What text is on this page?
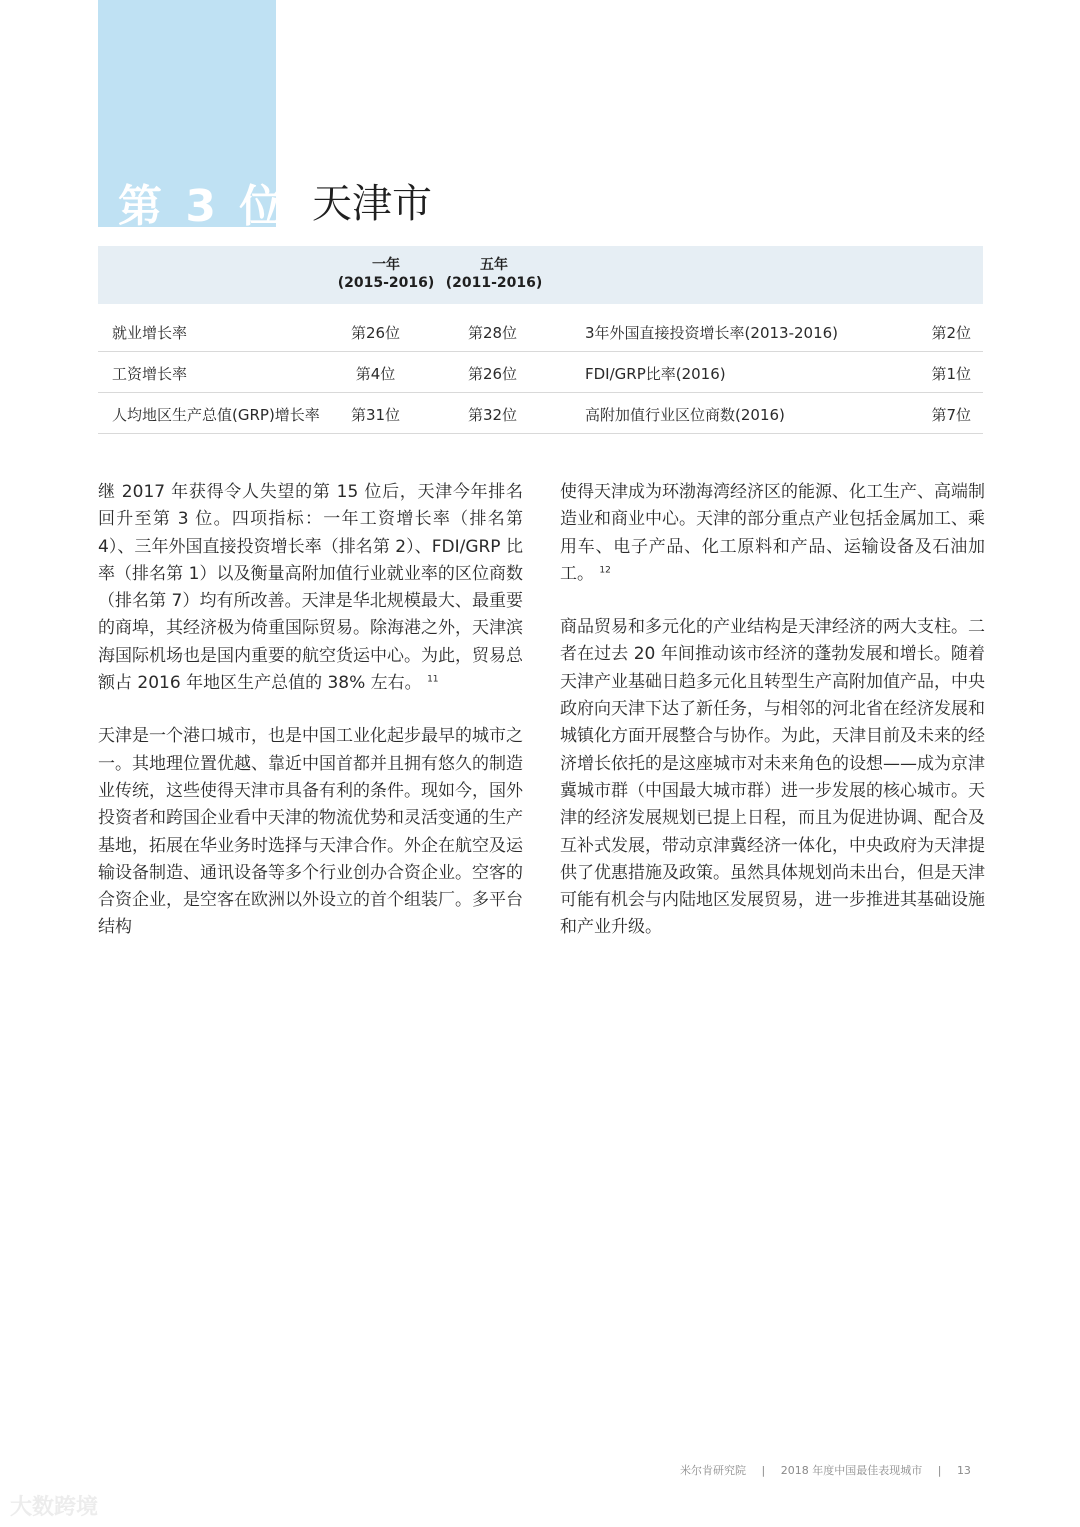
第 3 位 天津市
一年
(2015-2016)
五年
(2011-2016)
就业增长率	第26位	第28位	3年外国直接投资增长率(2013-2016)	第2位
工资增长率	第4位	第26位	FDI/GRP比率(2016)	第1位
人均地区生产总值(GRP)增长率	第31位	第32位	高附加值行业区位商数(2016)	第7位

继 2017 年获得令人失望的第 15 位后，天津今年排名回升至第 3 位。四项指标：一年工资增长率（排名第 4）、三年外国直接投资增长率（排名第 2）、FDI/GRP 比率（排名第 1）以及衡量高附加值行业就业率的区位商数（排名第 7）均有所改善。天津是华北规模最大、最重要的商埠，其经济极为倚重国际贸易。除海港之外，天津滨海国际机场也是国内重要的航空货运中心。为此，贸易总额占 2016 年地区生产总值的 38% 左右。 $^{11}$

天津是一个港口城市，也是中国工业化起步最早的城市之一。其地理位置优越、靠近中国首都并且拥有悠久的制造业传统，这些使得天津市具备有利的条件。现如今，国外投资者和跨国企业看中天津的物流优势和灵活变通的生产基地，拓展在华业务时选择与天津合作。外企在航空及运输设备制造、通讯设备等多个行业创办合资企业。空客的合资企业，是空客在欧洲以外设立的首个组装厂。多平台结构

使得天津成为环渤海湾经济区的能源、化工生产、高端制造业和商业中心。天津的部分重点产业包括金属加工、乘用车、电子产品、化工原料和产品、运输设备及石油加工。 $^{12}$

商品贸易和多元化的产业结构是天津经济的两大支柱。二者在过去 20 年间推动该市经济的蓬勃发展和增长。随着天津产业基础日趋多元化且转型生产高附加值产品，中央政府向天津下达了新任务，与相邻的河北省在经济发展和城镇化方面开展整合与协作。为此，天津目前及未来的经济增长依托的是这座城市对未来角色的设想——成为京津冀城市群（中国最大城市群）进一步发展的核心城市。天津的经济发展规划已提上日程，而且为促进协调、配合及互补式发展，带动京津冀经济一体化，中央政府为天津提供了优惠措施及政策。虽然具体规划尚未出台，但是天津可能有机会与内陆地区发展贸易，进一步推进其基础设施和产业升级。

米尔肯研究院 | 2018 年度中国最佳表现城市 | 13
大数跨境
